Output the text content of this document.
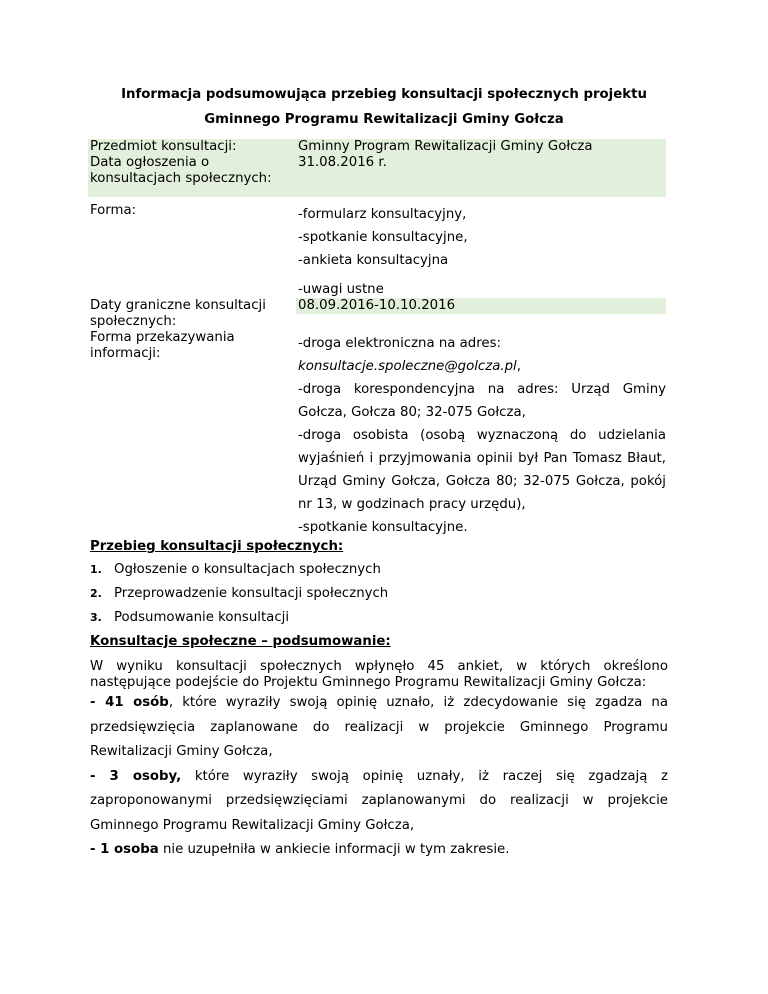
Informacja podsumowująca przebieg konsultacji społecznych projektu
Gminnego Programu Rewitalizacji Gminy Gołcza
Przedmiot konsultacji:	Gminny Program Rewitalizacji Gminy Gołcza
Data ogłoszenia o konsultacjach społecznych:	31.08.2016 r.
Forma:	-formularz konsultacyjny,
-spotkanie konsultacyjne,
-ankieta konsultacyjna
-uwagi ustne

Daty graniczne konsultacji społecznych:	08.09.2016-10.10.2016

Forma przekazywania informacji:	-droga elektroniczna na adres:
konsultacje.spoleczne@golcza.pl,
-droga korespondencyjna na adres: Urząd Gminy Gołcza, Gołcza 80; 32-075 Gołcza,
-droga osobista (osobą wyznaczoną do udzielania wyjaśnień i przyjmowania opinii był Pan Tomasz Błaut, Urząd Gminy Gołcza, Gołcza 80; 32-075 Gołcza, pokój nr 13, w godzinach pracy urzędu),
-spotkanie konsultacyjne.
Przebieg konsultacji społecznych:
1. Ogłoszenie o konsultacjach społecznych
2. Przeprowadzenie konsultacji społecznych
3. Podsumowanie konsultacji
Konsultacje społeczne – podsumowanie:
W wyniku konsultacji społecznych wpłynęło 45 ankiet, w których określono następujące podejście do Projektu Gminnego Programu Rewitalizacji Gminy Gołcza:
- 41 osób, które wyraziły swoją opinię uznało, iż zdecydowanie się zgadza na przedsięwzięcia zaplanowane do realizacji w projekcie Gminnego Programu Rewitalizacji Gminy Gołcza,
- 3 osoby, które wyraziły swoją opinię uznały, iż raczej się zgadzają z zaproponowanymi przedsięwzięciami zaplanowanymi do realizacji w projekcie Gminnego Programu Rewitalizacji Gminy Gołcza,
- 1 osoba nie uzupełniła w ankiecie informacji w tym zakresie.
